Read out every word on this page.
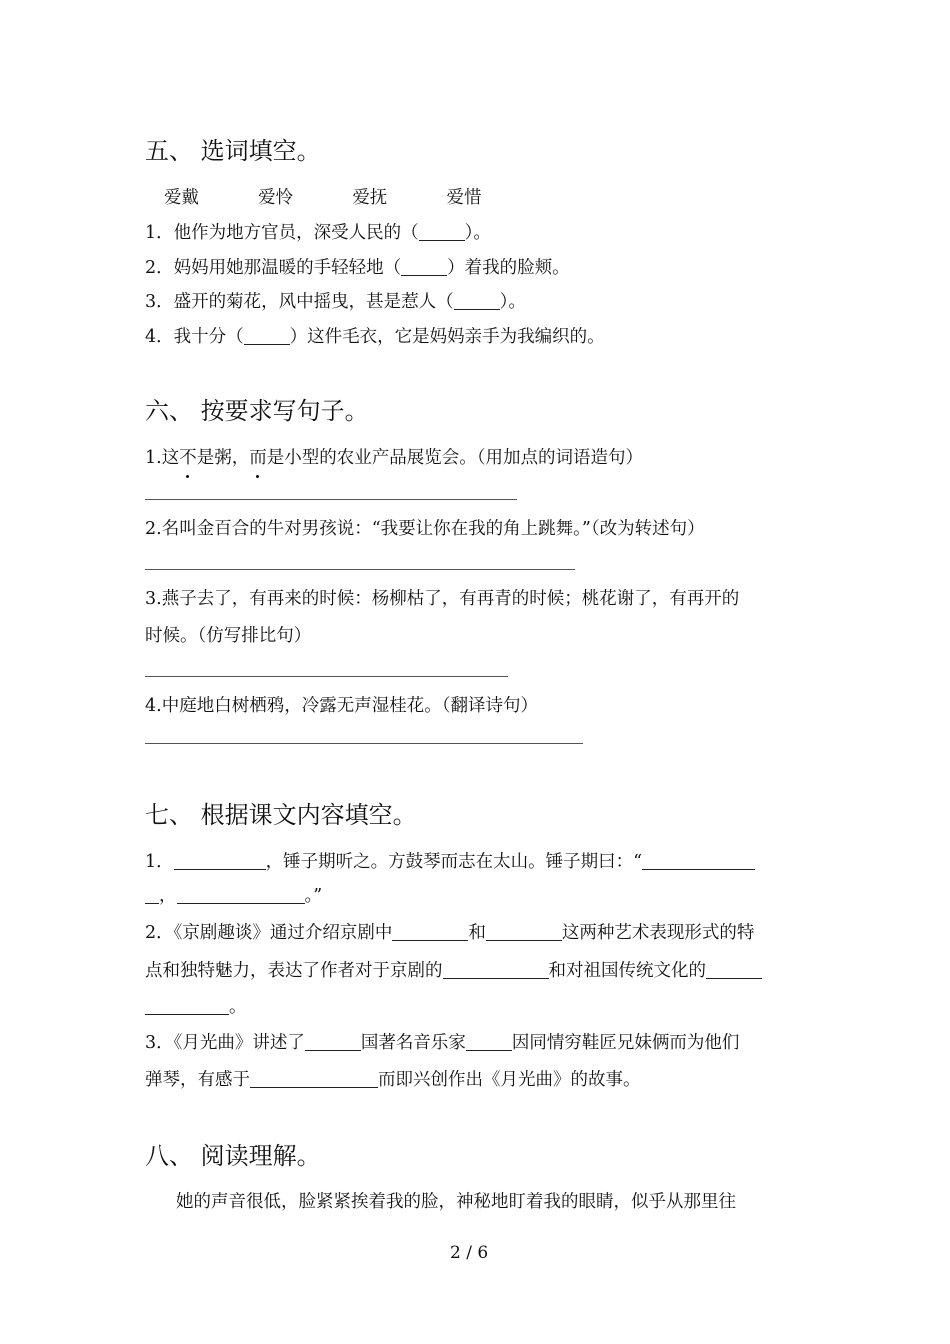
五、 选词填空。
爱戴	爱怜	爱抚	爱惜
1．他作为地方官员，深受人民的（	）。
2．妈妈用她那温暖的手轻轻地（	）着我的脸颊。
3．盛开的菊花，风中摇曳，甚是惹人（	）。
4．我十分（	）这件毛衣，它是妈妈亲手为我编织的。
六、 按要求写句子。
1.这不是粥，而是小型的农业产品展览会。（用加点的词语造句）
2.名叫金百合的牛对男孩说：“我要让你在我的角上跳舞。”（改为转述句）
3.燕子去了，有再来的时候：杨柳枯了，有再青的时候；桃花谢了，有再开的
时候。（仿写排比句）
4.中庭地白树栖鸦，冷露无声湿桂花。（翻译诗句）
七、 根据课文内容填空。
1．	，锤子期听之。方鼓琴而志在太山。锤子期曰：“
，	。”
2．《京剧趣谈》通过介绍京剧中	和	这两种艺术表现形式的特
点和独特魅力，表达了作者对于京剧的	和对祖国传统文化的
。
3．《月光曲》讲述了	国著名音乐家	因同情穷鞋匠兄妹俩而为他们
弹琴，有感于	而即兴创作出《月光曲》的故事。
八、 阅读理解。
她的声音很低，脸紧紧挨着我的脸，神秘地盯着我的眼睛，似乎从那里往
2 / 6
